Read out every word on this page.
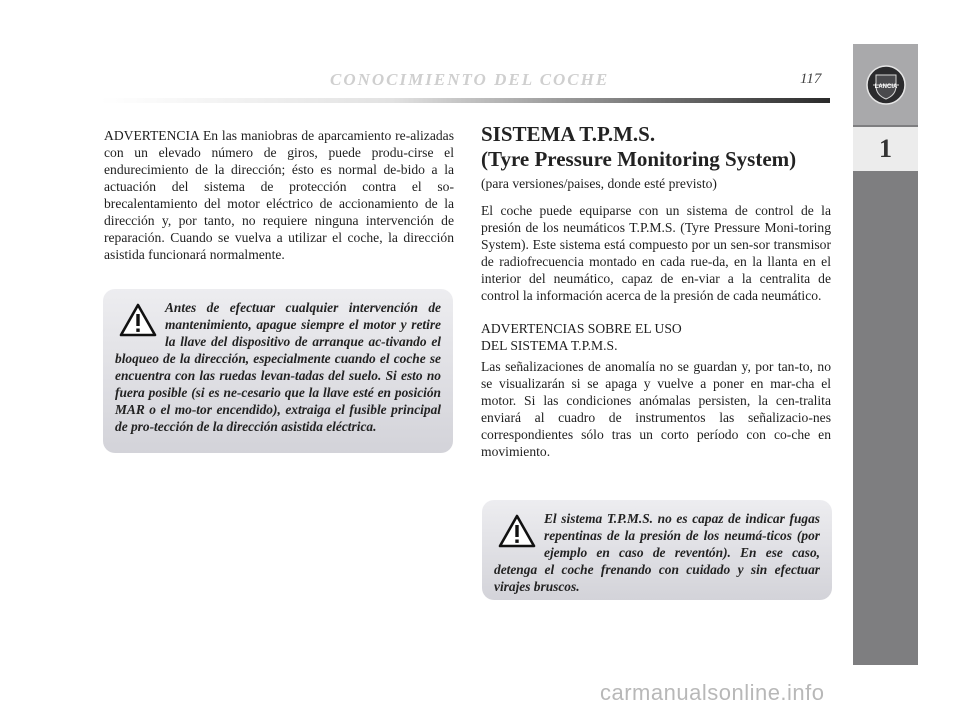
CONOCIMIENTO DEL COCHE	117	LANCIA
1

ADVERTENCIA En las maniobras de aparcamiento re-alizadas con un elevado número de giros, puede produ-cirse el endurecimiento de la dirección; ésto es normal de-bido a la actuación del sistema de protección contra el so-brecalentamiento del motor eléctrico de accionamiento de la dirección y, por tanto, no requiere ninguna intervención de reparación. Cuando se vuelva a utilizar el coche, la dirección asistida funcionará normalmente.

Antes de efectuar cualquier intervención de mantenimiento, apague siempre el motor y retire la llave del dispositivo de arranque ac-tivando el bloqueo de la dirección, especialmente cuando el coche se encuentra con las ruedas levan-tadas del suelo. Si esto no fuera posible (si es ne-cesario que la llave esté en posición MAR o el mo-tor encendido), extraiga el fusible principal de pro-tección de la dirección asistida eléctrica.

SISTEMA T.P.M.S.
(Tyre Pressure Monitoring System)

(para versiones/paises, donde esté previsto)

El coche puede equiparse con un sistema de control de la presión de los neumáticos T.P.M.S. (Tyre Pressure Moni-toring System). Este sistema está compuesto por un sen-sor transmisor de radiofrecuencia montado en cada rue-da, en la llanta en el interior del neumático, capaz de en-viar a la centralita de control la información acerca de la presión de cada neumático.

ADVERTENCIAS SOBRE EL USO
DEL SISTEMA T.P.M.S.

Las señalizaciones de anomalía no se guardan y, por tan-to, no se visualizarán si se apaga y vuelve a poner en mar-cha el motor. Si las condiciones anómalas persisten, la cen-tralita enviará al cuadro de instrumentos las señalizacio-nes correspondientes sólo tras un corto período con co-che en movimiento.

El sistema T.P.M.S. no es capaz de indicar fugas repentinas de la presión de los neumá-ticos (por ejemplo en caso de reventón). En ese caso, detenga el coche frenando con cuidado y sin efectuar virajes bruscos.

carmanualsonline.info
